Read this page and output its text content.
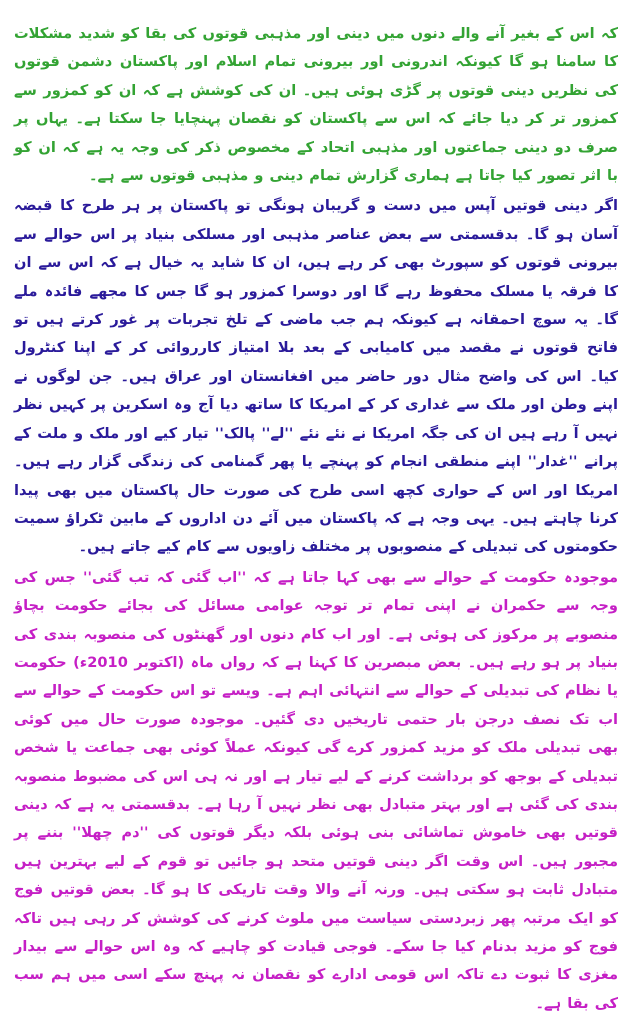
کہ اس کے بغیر آنے والے دنوں میں دینی اور مذہبی قوتوں کی بقا کو شدید مشکلات کا سامنا ہو گا کیونکہ اندرونی اور بیرونی تمام اسلام اور پاکستان دشمن قوتوں کی نظریں دینی قوتوں پر گڑی ہوئی ہیں۔ ان کی کوشش ہے کہ ان کو کمزور سے کمزور تر کر دیا جائے کہ اس سے پاکستان کو نقصان پہنچایا جا سکتا ہے۔ یہاں پر صرف دو دینی جماعتوں اور مذہبی اتحاد کے مخصوص ذکر کی وجہ یہ ہے کہ ان کو با اثر تصور کیا جاتا ہے ہماری گزارش تمام دینی و مذہبی قوتوں سے ہے۔

اگر دینی قوتیں آپس میں دست و گریبان ہونگی تو پاکستان پر ہر طرح کا قبضہ آسان ہو گا۔ بدقسمتی سے بعض عناصر مذہبی اور مسلکی بنیاد پر اس حوالے سے بیرونی قوتوں کو سپورٹ بھی کر رہے ہیں، ان کا شاید یہ خیال ہے کہ اس سے ان کا فرقہ یا مسلک محفوظ رہے گا اور دوسرا کمزور ہو گا جس کا مجھے فائدہ ملے گا۔ یہ سوچ احمقانہ ہے کیونکہ ہم جب ماضی کے تلخ تجربات پر غور کرتے ہیں تو فاتح قوتوں نے مقصد میں کامیابی کے بعد بلا امتیاز کارروائی کر کے اپنا کنٹرول کیا۔ اس کی واضح مثال دور حاضر میں افغانستان اور عراق ہیں۔ جن لوگوں نے اپنے وطن اور ملک سے غداری کر کے امریکا کا ساتھ دیا آج وہ اسکرین پر کہیں نظر نہیں آ رہے ہیں ان کی جگہ امریکا نے نئے نئے ''لے'' پالک'' تیار کیے اور ملک و ملت کے پرانے ''غدار'' اپنے منطقی انجام کو پہنچے یا پھر گمنامی کی زندگی گزار رہے ہیں۔ امریکا اور اس کے حواری کچھ اسی طرح کی صورت حال پاکستان میں بھی پیدا کرنا چاہتے ہیں۔ یہی وجہ ہے کہ پاکستان میں آئے دن اداروں کے مابین ٹکراؤ سمیت حکومتوں کی تبدیلی کے منصوبوں پر مختلف زاویوں سے کام کیے جاتے ہیں۔

موجودہ حکومت کے حوالے سے بھی کہا جاتا ہے کہ ''اب گئی کہ تب گئی'' جس کی وجہ سے حکمران نے اپنی تمام تر توجہ عوامی مسائل کی بجائے حکومت بچاؤ منصوبے پر مرکوز کی ہوئی ہے۔ اور اب کام دنوں اور گھنٹوں کی منصوبہ بندی کی بنیاد پر ہو رہے ہیں۔ بعض مبصرین کا کہنا ہے کہ رواں ماہ (اکتوبر 2010ء) حکومت یا نظام کی تبدیلی کے حوالے سے انتہائی اہم ہے۔ ویسے تو اس حکومت کے حوالے سے اب تک نصف درجن بار حتمی تاریخیں دی گئیں۔ موجودہ صورت حال میں کوئی بھی تبدیلی ملک کو مزید کمزور کرے گی کیونکہ عملاً کوئی بھی جماعت یا شخص تبدیلی کے بوجھ کو برداشت کرنے کے لیے تیار ہے اور نہ ہی اس کی مضبوط منصوبہ بندی کی گئی ہے اور بہتر متبادل بھی نظر نہیں آ رہا ہے۔ بدقسمتی یہ ہے کہ دینی قوتیں بھی خاموش تماشائی بنی ہوئی بلکہ دیگر قوتوں کی ''دم چھلا'' بننے پر مجبور ہیں۔ اس وقت اگر دینی قوتیں متحد ہو جائیں تو قوم کے لیے بہترین ہیں متبادل ثابت ہو سکتی ہیں۔ ورنہ آنے والا وقت تاریکی کا ہو گا۔ بعض قوتیں فوج کو ایک مرتبہ پھر زبردستی سیاست میں ملوث کرنے کی کوشش کر رہی ہیں تاکہ فوج کو مزید بدنام کیا جا سکے۔ فوجی قیادت کو چاہیے کہ وہ اس حوالے سے بیدار مغزی کا ثبوت دے تاکہ اس قومی ادارے کو نقصان نہ پہنچ سکے اسی میں ہم سب کی بقا ہے۔
